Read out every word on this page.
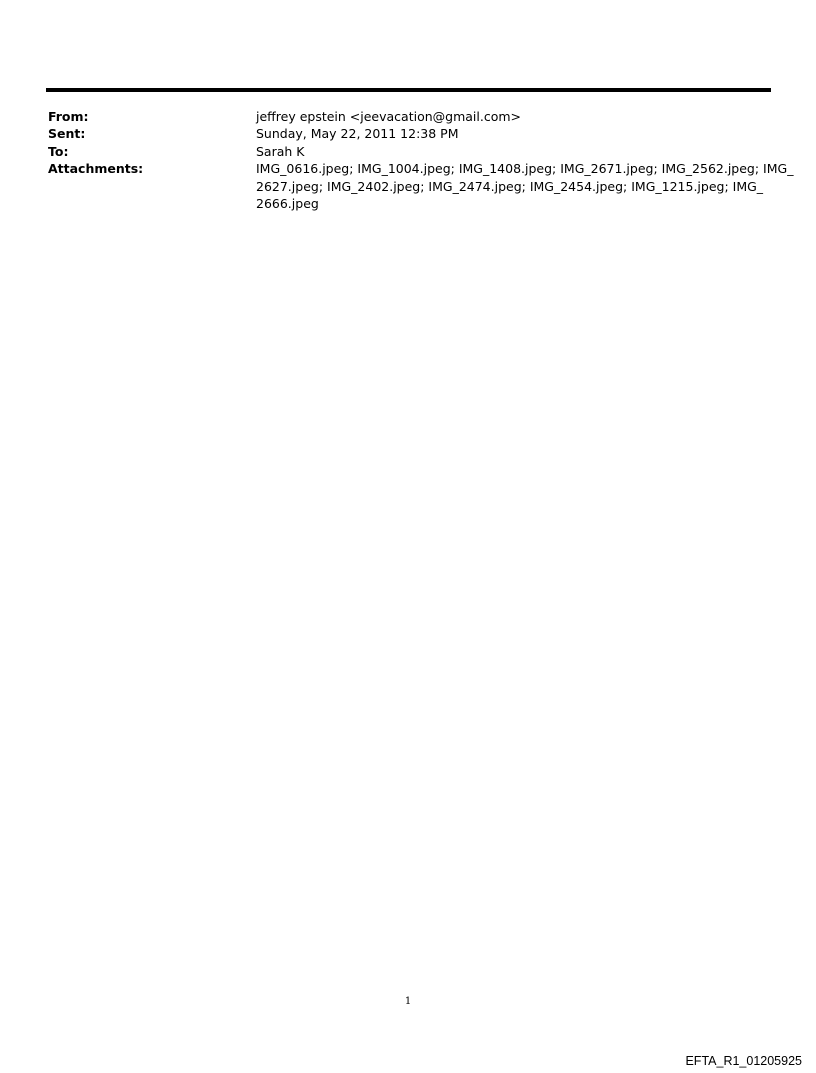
From:	jeffrey epstein <jeevacation@gmail.com>
Sent:	Sunday, May 22, 2011 12:38 PM
To:	Sarah K
Attachments:	IMG_0616.jpeg; IMG_1004.jpeg; IMG_1408.jpeg; IMG_2671.jpeg; IMG_2562.jpeg; IMG_
2627.jpeg; IMG_2402.jpeg; IMG_2474.jpeg; IMG_2454.jpeg; IMG_1215.jpeg; IMG_
2666.jpeg
1
EFTA_R1_01205925
